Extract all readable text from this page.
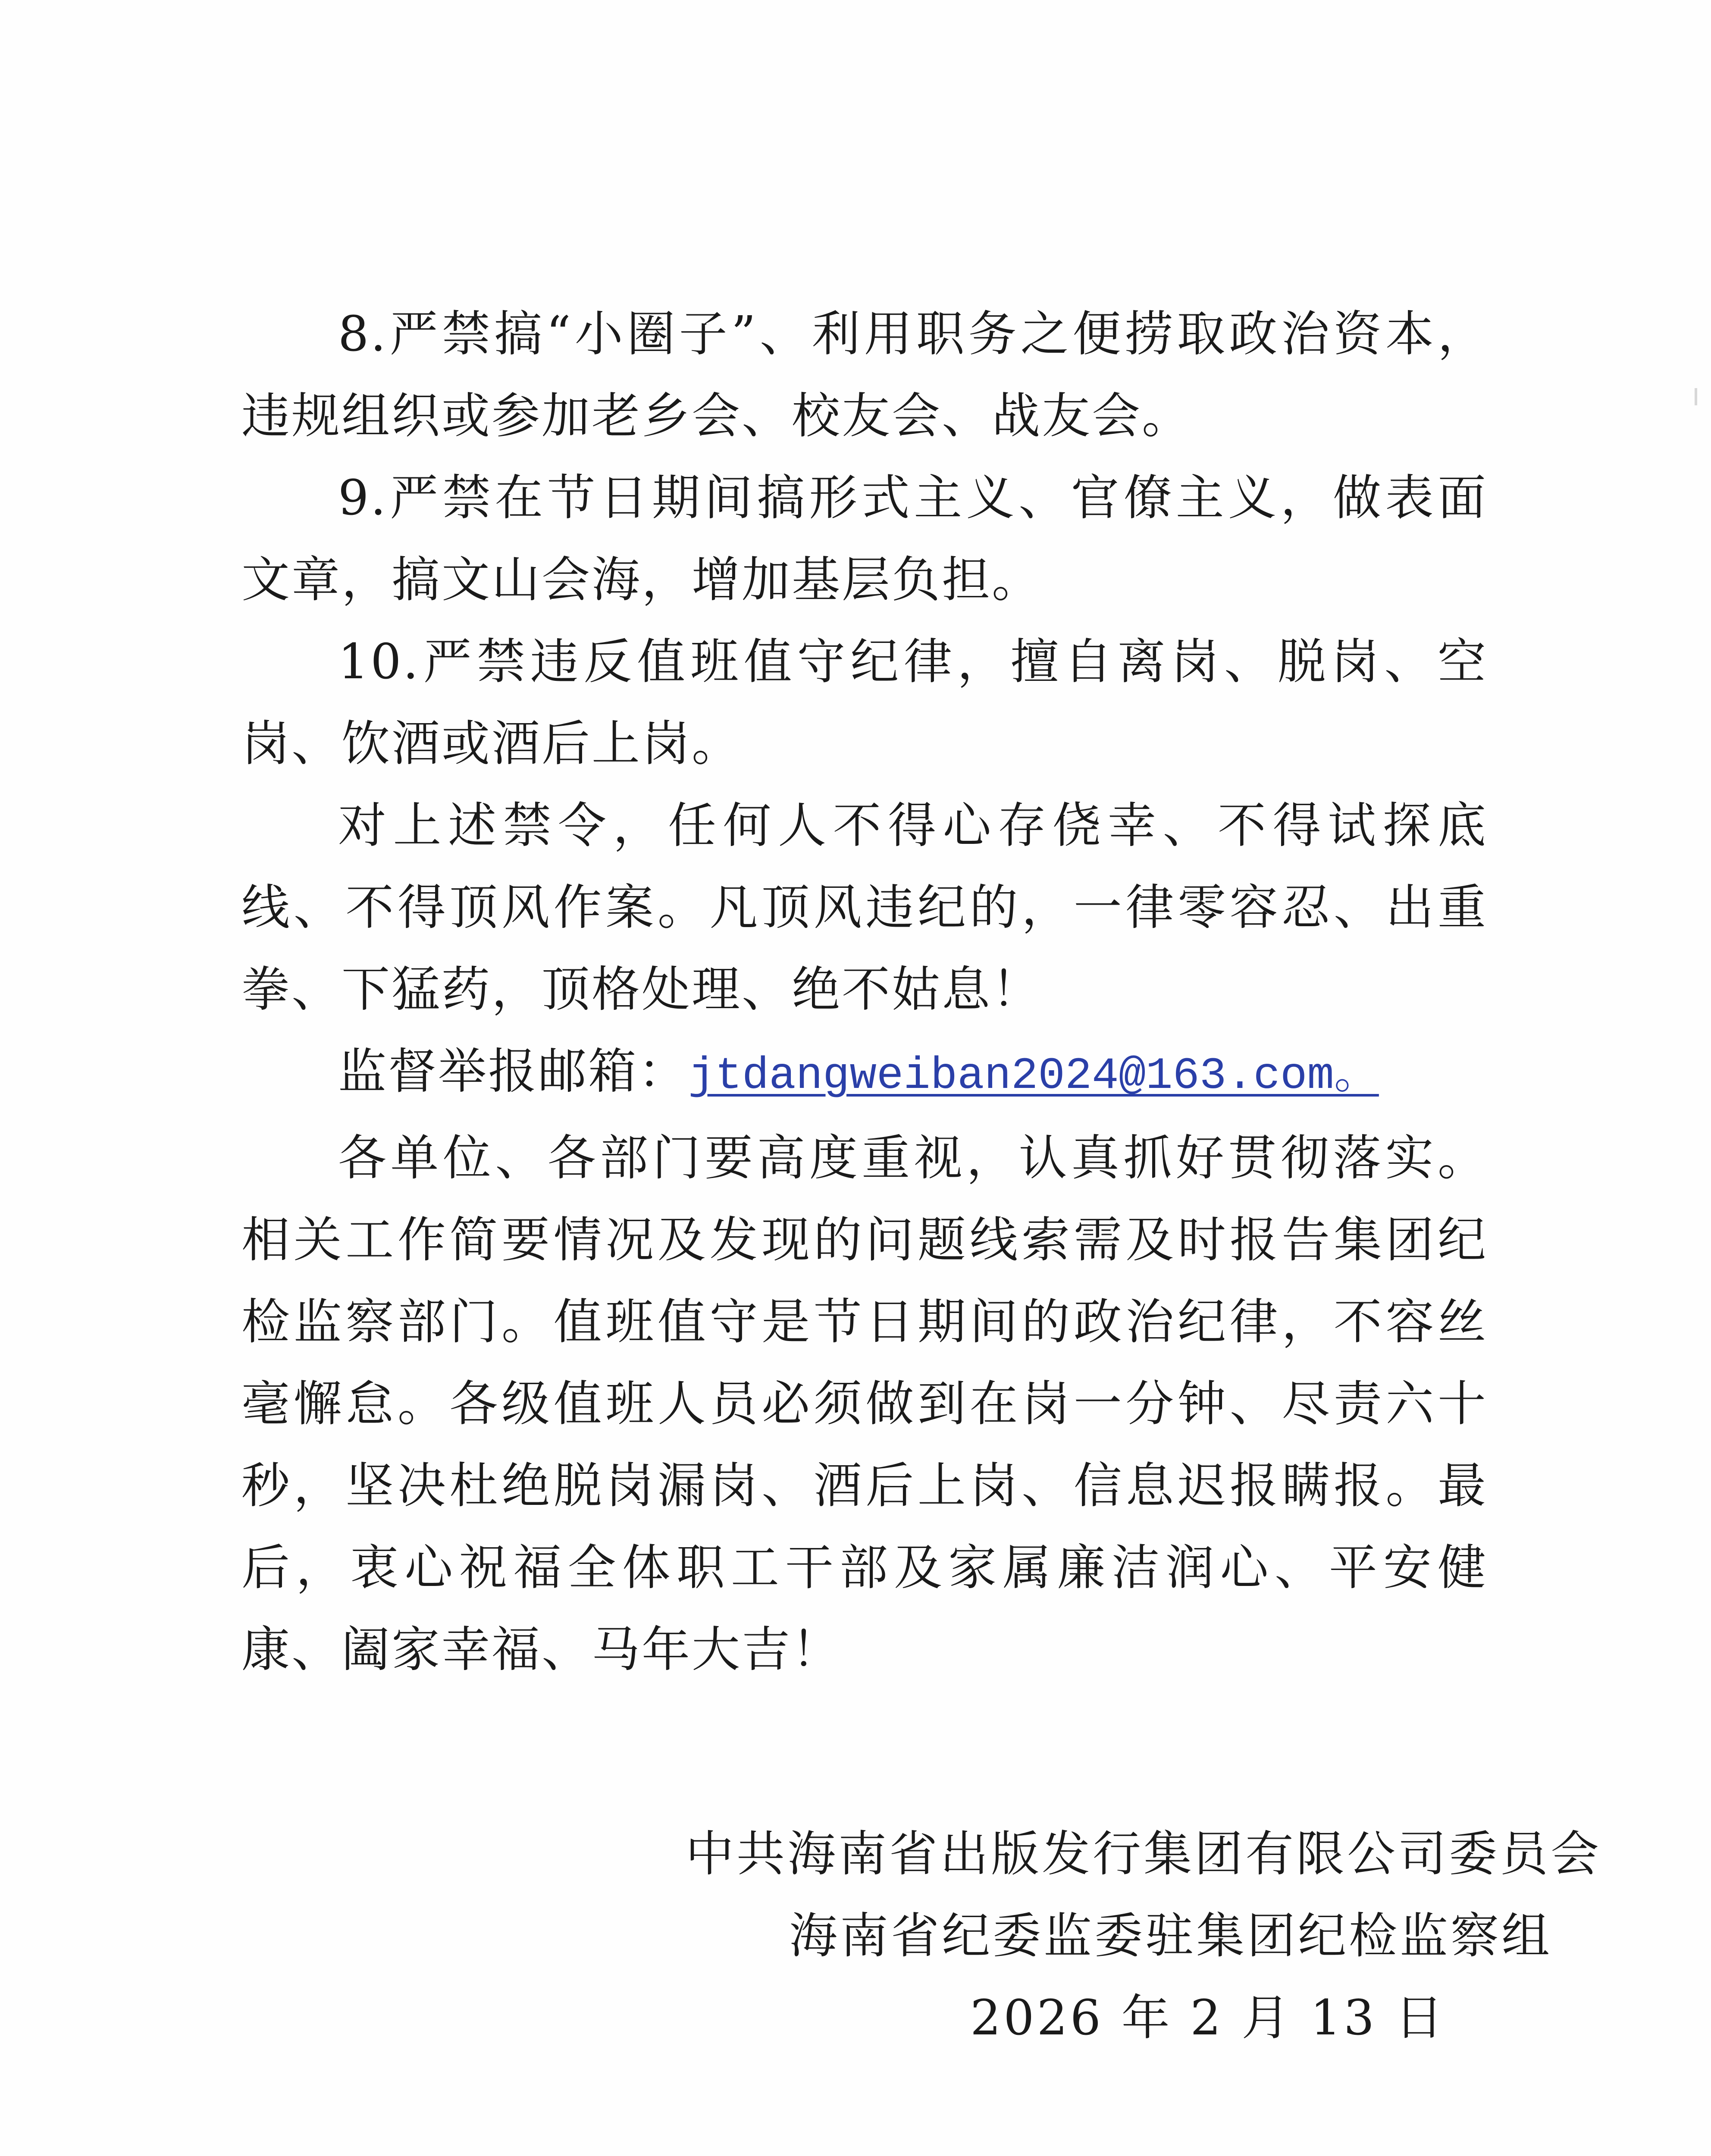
8.严禁搞“小圈子”、利用职务之便捞取政治资本，违规组织或参加老乡会、校友会、战友会。

9.严禁在节日期间搞形式主义、官僚主义，做表面文章，搞文山会海，增加基层负担。

10.严禁违反值班值守纪律，擅自离岗、脱岗、空岗、饮酒或酒后上岗。

对上述禁令，任何人不得心存侥幸、不得试探底线、不得顶风作案。凡顶风违纪的，一律零容忍、出重拳、下猛药，顶格处理、绝不姑息！

监督举报邮箱：jtdangweiban2024@163.com。

各单位、各部门要高度重视，认真抓好贯彻落实。相关工作简要情况及发现的问题线索需及时报告集团纪检监察部门。值班值守是节日期间的政治纪律，不容丝毫懈怠。各级值班人员必须做到在岗一分钟、尽责六十秒，坚决杜绝脱岗漏岗、酒后上岗、信息迟报瞒报。最后，衷心祝福全体职工干部及家属廉洁润心、平安健康、阖家幸福、马年大吉！

中共海南省出版发行集团有限公司委员会
海南省纪委监委驻集团纪检监察组
2026 年 2 月 13 日
